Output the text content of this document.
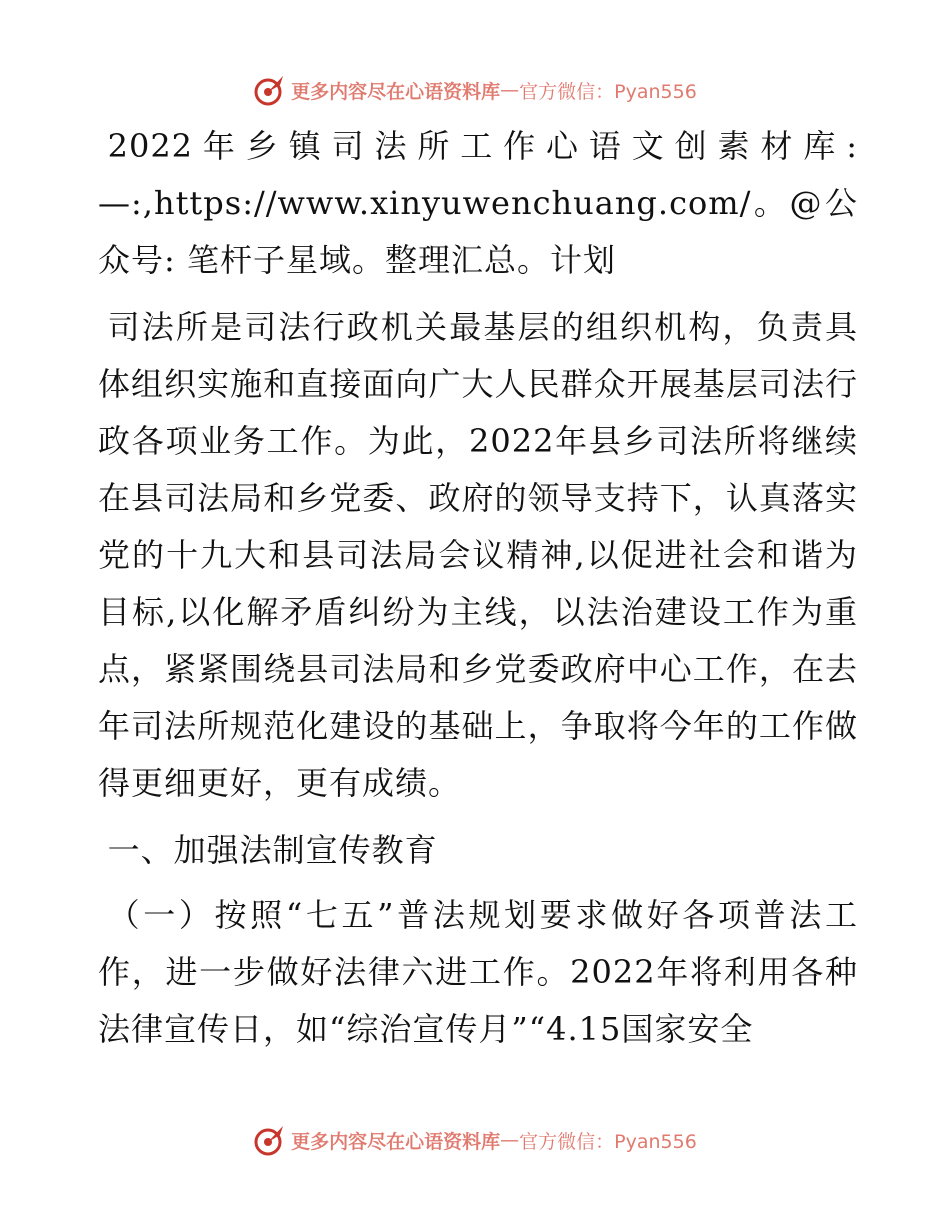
更多内容尽在心语资料库 — 官方微信：Pyan556

2022年乡镇司法所工作心语文创素材库:—:,https://www.xinyuwenchuang.com/。@公众号: 笔杆子星域。整理汇总。计划

司法所是司法行政机关最基层的组织机构，负责具体组织实施和直接面向广大人民群众开展基层司法行政各项业务工作。为此，2022年县乡司法所将继续在县司法局和乡党委、政府的领导支持下，认真落实党的十九大和县司法局会议精神,以促进社会和谐为目标,以化解矛盾纠纷为主线，以法治建设工作为重点，紧紧围绕县司法局和乡党委政府中心工作，在去年司法所规范化建设的基础上，争取将今年的工作做得更细更好，更有成绩。

一、加强法制宣传教育

（一）按照“七五”普法规划要求做好各项普法工作，进一步做好法律六进工作。2022年将利用各种法律宣传日，如“综治宣传月”“4.15国家安全

更多内容尽在心语资料库 — 官方微信：Pyan556
